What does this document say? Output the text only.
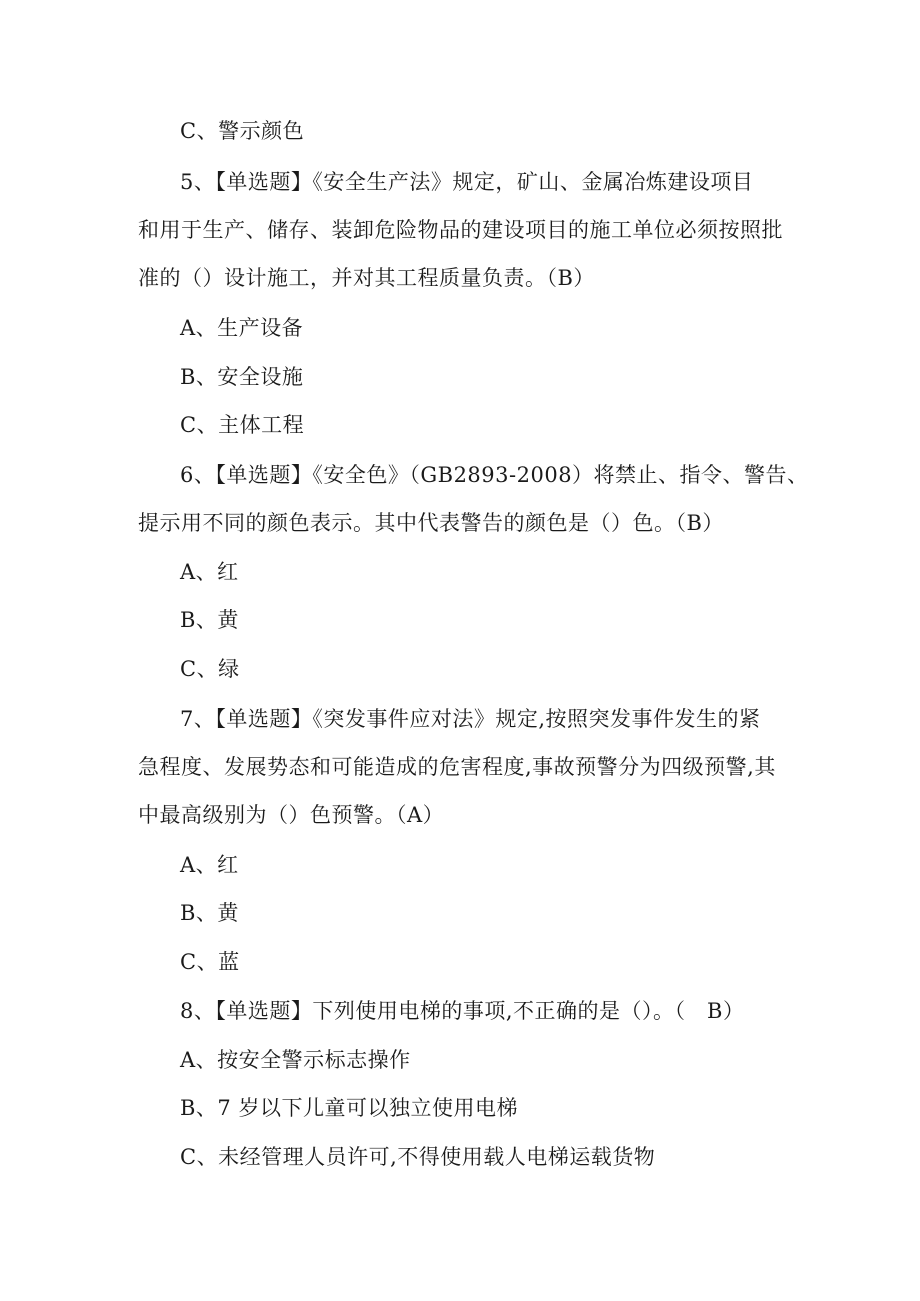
C、警示颜色
5、【单选题】《安全生产法》规定，矿山、金属冶炼建设项目
和用于生产、储存、装卸危险物品的建设项目的施工单位必须按照批
准的（）设计施工，并对其工程质量负责。（B）
A、生产设备
B、安全设施
C、主体工程
6、【单选题】《安全色》（GB2893-2008）将禁止、指令、警告、
提示用不同的颜色表示。其中代表警告的颜色是（）色。（B）
A、红
B、黄
C、绿
7、【单选题】《突发事件应对法》规定,按照突发事件发生的紧
急程度、发展势态和可能造成的危害程度,事故预警分为四级预警,其
中最高级别为（）色预警。（A）
A、红
B、黄
C、蓝
8、【单选题】下列使用电梯的事项,不正确的是（）。（　B）
A、按安全警示标志操作
B、7 岁以下儿童可以独立使用电梯
C、未经管理人员许可,不得使用载人电梯运载货物
